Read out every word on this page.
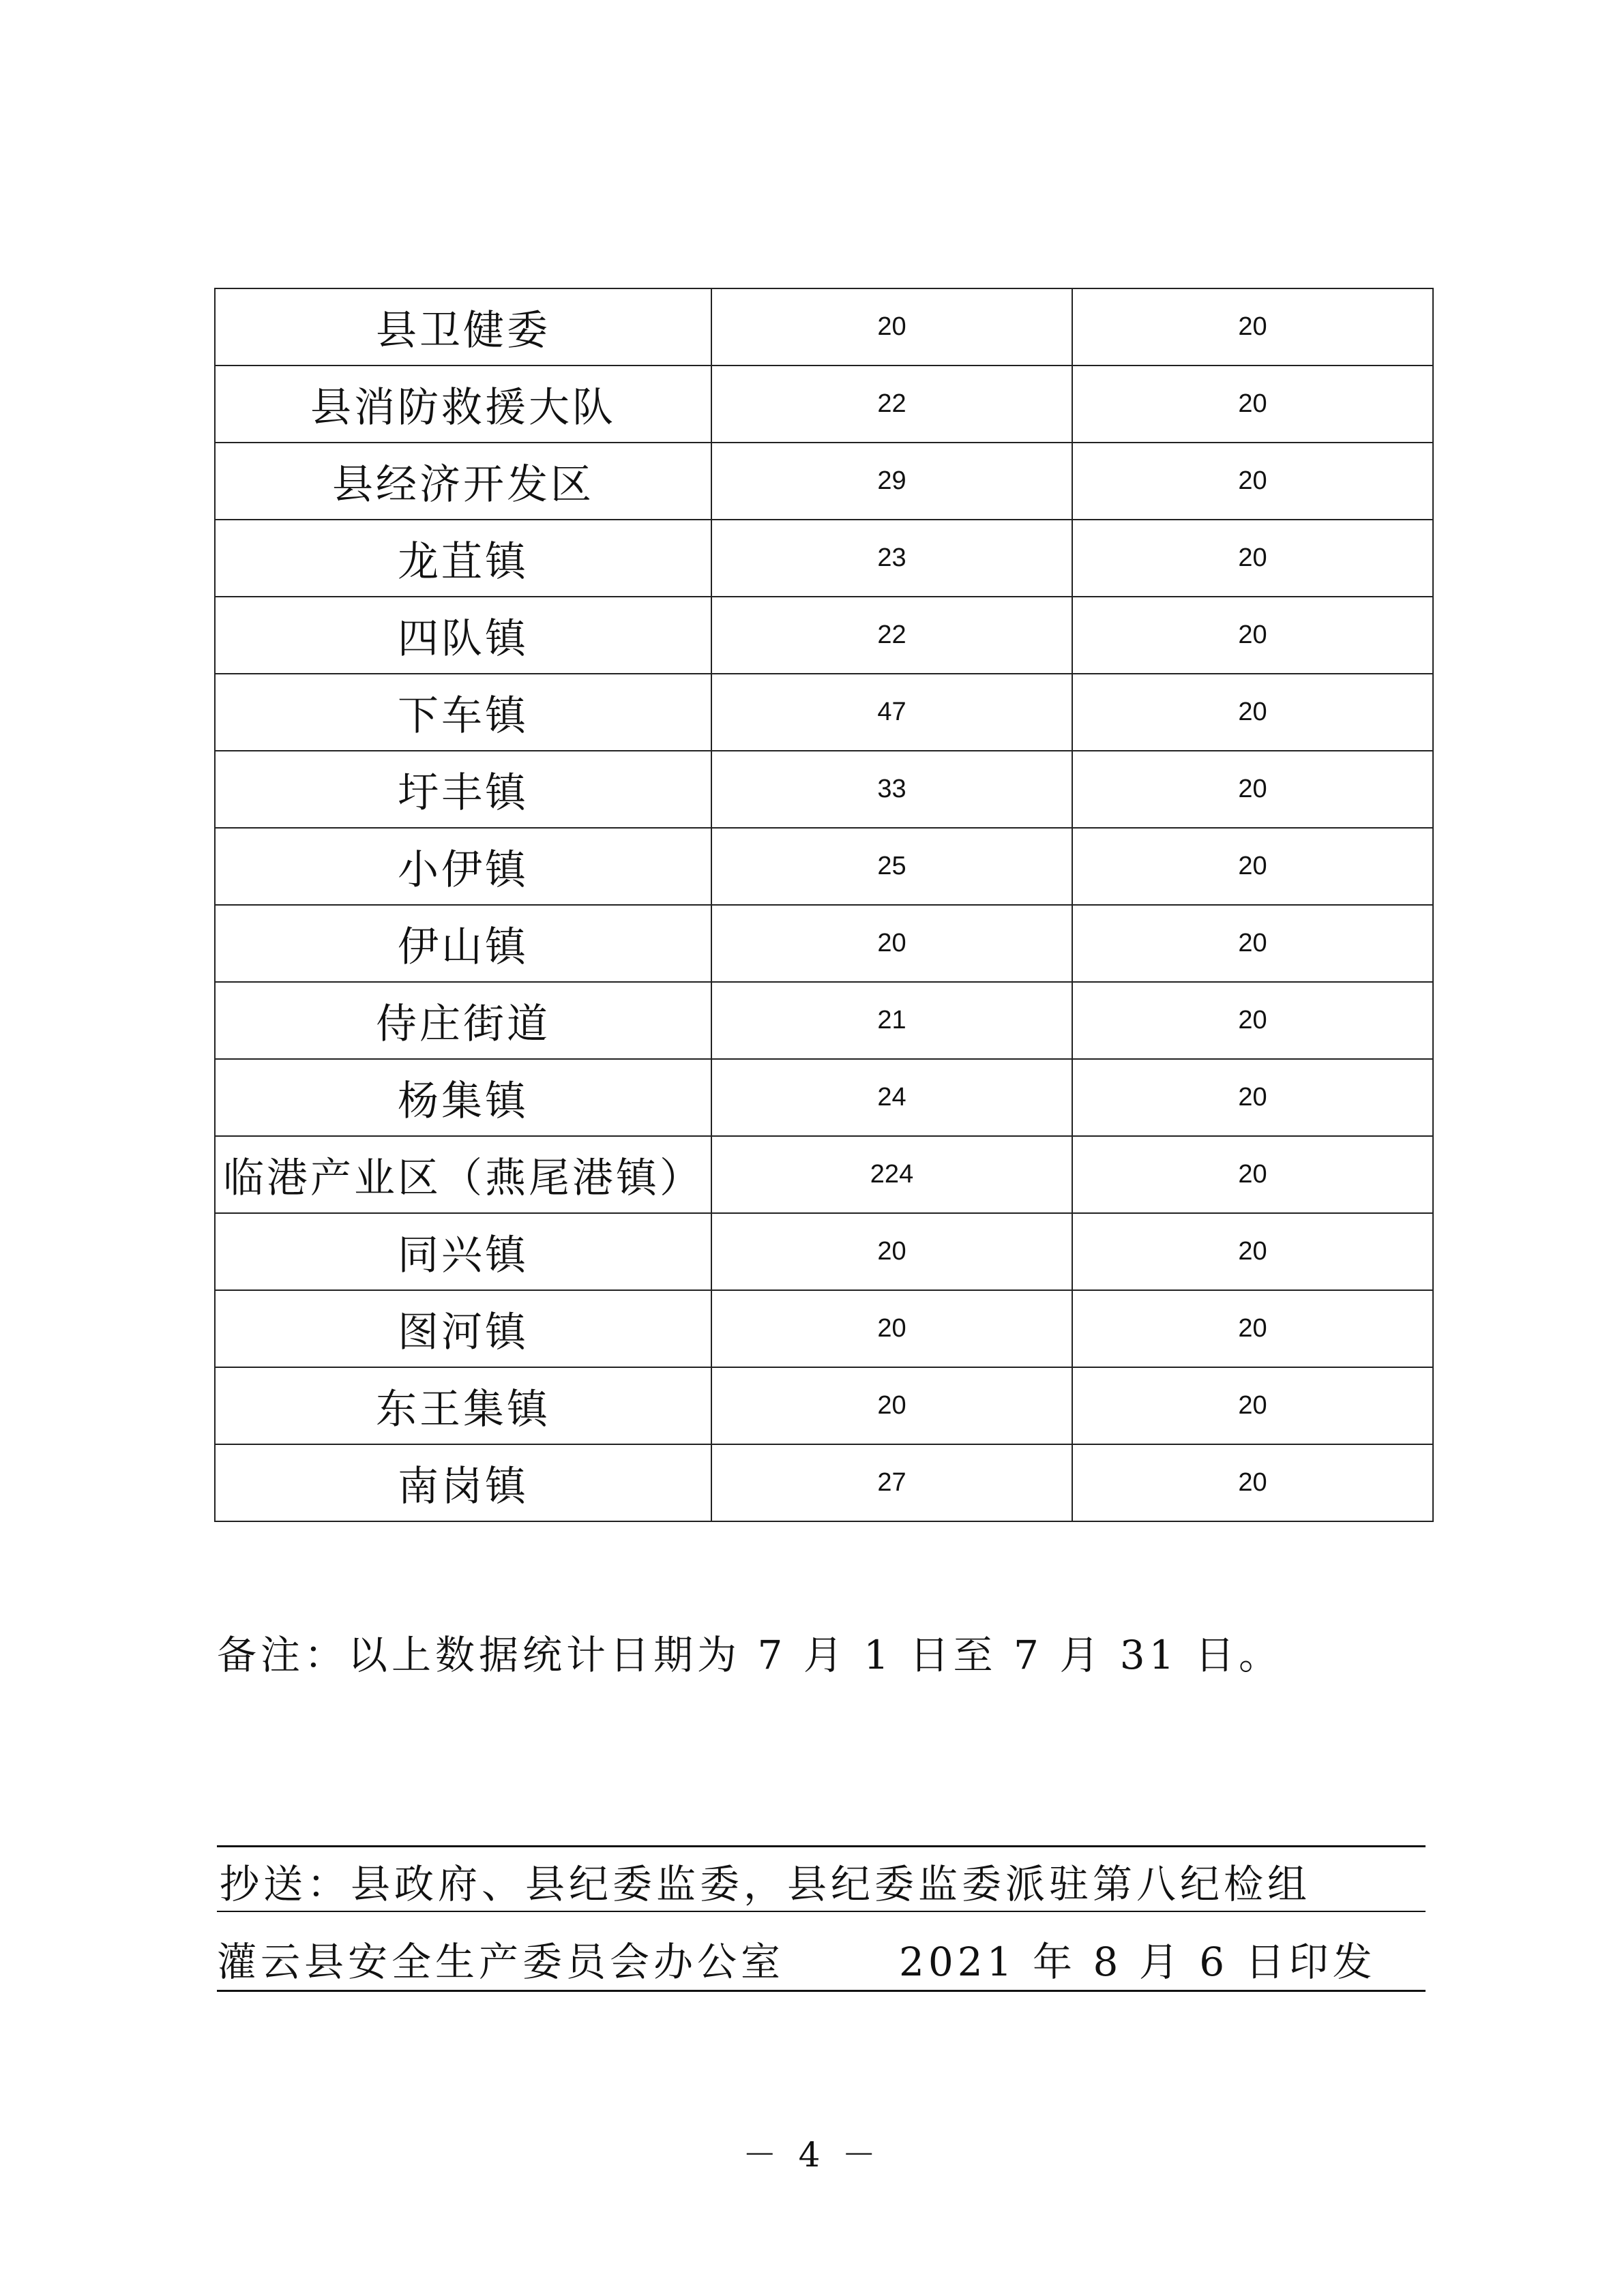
县卫健委	20	20
县消防救援大队	22	20
县经济开发区	29	20
龙苴镇	23	20
四队镇	22	20
下车镇	47	20
圩丰镇	33	20
小伊镇	25	20
伊山镇	20	20
侍庄街道	21	20
杨集镇	24	20
临港产业区（燕尾港镇）	224	20
同兴镇	20	20
图河镇	20	20
东王集镇	20	20
南岗镇	27	20
备注：以上数据统计日期为 7 月 1 日至 7 月 31 日。
抄送：县政府、县纪委监委，县纪委监委派驻第八纪检组
灌云县安全生产委员会办公室	2021 年 8 月 6 日印发
－ 4 －
